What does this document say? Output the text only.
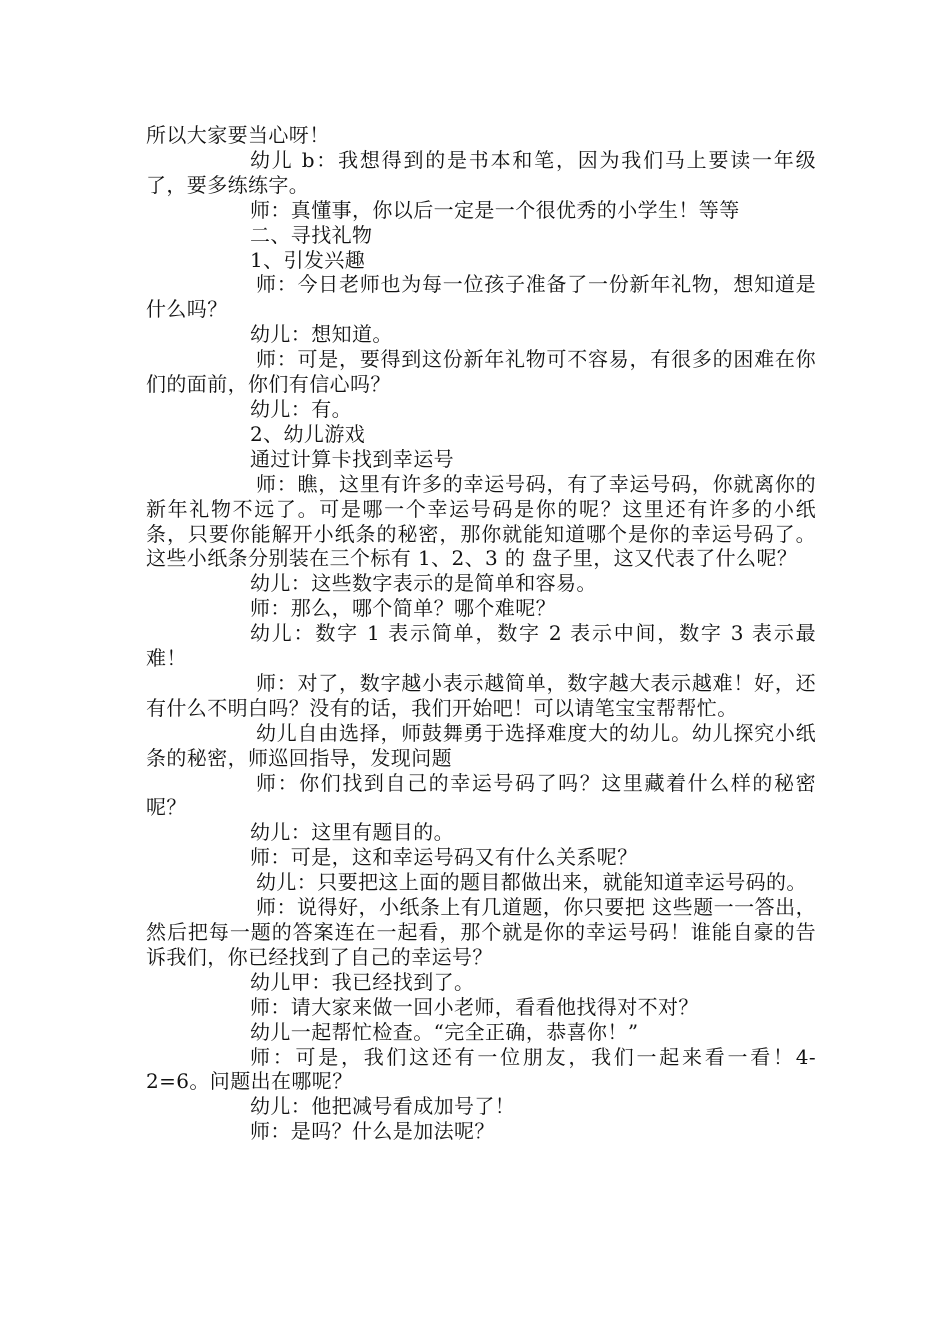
所以大家要当心呀！

幼儿 b：我想得到的是书本和笔，因为我们马上要读一年级了，要多练练字。

师：真懂事，你以后一定是一个很优秀的小学生！等等

二、寻找礼物

1、引发兴趣

师：今日老师也为每一位孩子准备了一份新年礼物，想知道是什么吗？

幼儿：想知道。

师：可是，要得到这份新年礼物可不容易，有很多的困难在你们的面前，你们有信心吗？

幼儿：有。

2、幼儿游戏

通过计算卡找到幸运号

师：瞧，这里有许多的幸运号码，有了幸运号码，你就离你的新年礼物不远了。可是哪一个幸运号码是你的呢？这里还有许多的小纸条，只要你能解开小纸条的秘密，那你就能知道哪个是你的幸运号码了。这些小纸条分别装在三个标有 1、2、3 的 盘子里，这又代表了什么呢？

幼儿：这些数字表示的是简单和容易。

师：那么，哪个简单？哪个难呢？

幼儿：数字 1 表示简单，数字 2 表示中间，数字 3 表示最难！

师：对了，数字越小表示越简单，数字越大表示越难！好，还有什么不明白吗？没有的话，我们开始吧！可以请笔宝宝帮帮忙。

幼儿自由选择，师鼓舞勇于选择难度大的幼儿。幼儿探究小纸条的秘密，师巡回指导，发现问题

师：你们找到自己的幸运号码了吗？这里藏着什么样的秘密呢？

幼儿：这里有题目的。

师：可是，这和幸运号码又有什么关系呢？

幼儿：只要把这上面的题目都做出来，就能知道幸运号码的。

师：说得好，小纸条上有几道题，你只要把 这些题一一答出，然后把每一题的答案连在一起看，那个就是你的幸运号码！谁能自豪的告诉我们，你已经找到了自己的幸运号？

幼儿甲：我已经找到了。

师：请大家来做一回小老师，看看他找得对不对？

幼儿一起帮忙检查。“完全正确，恭喜你！”

师：可是，我们这还有一位朋友，我们一起来看一看！4-2=6。问题出在哪呢？

幼儿：他把减号看成加号了！

师：是吗？什么是加法呢？
